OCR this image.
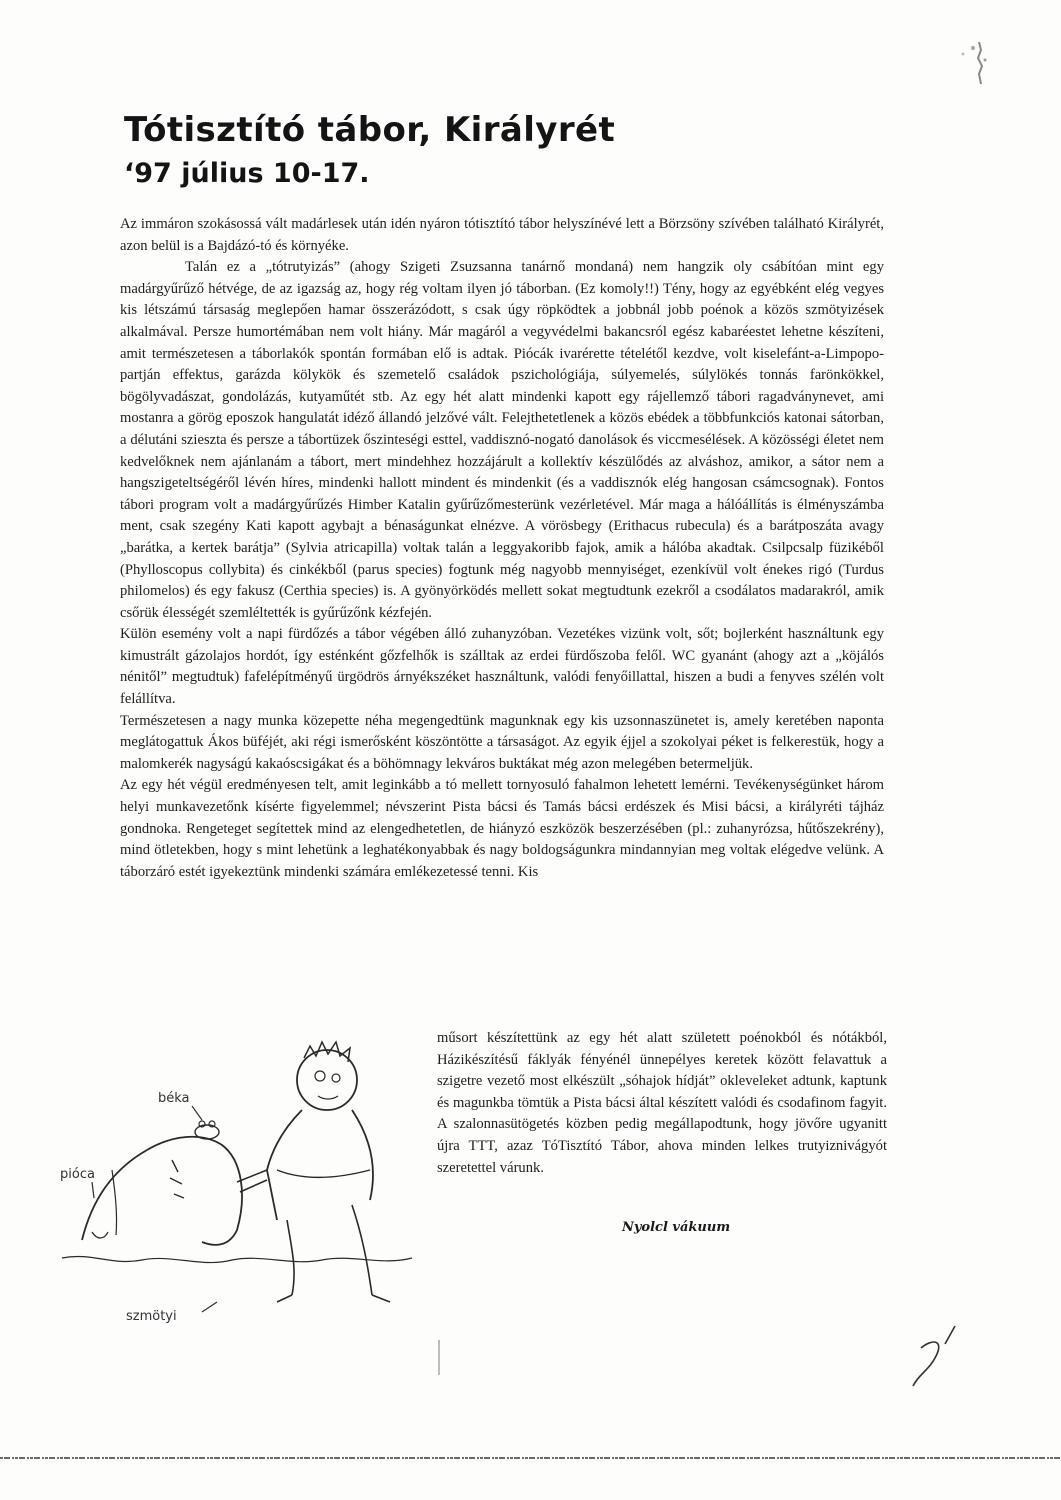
Tótisztító tábor, Királyrét
‘97 július 10-17.

Az immáron szokásossá vált madárlesek után idén nyáron tótisztító tábor helyszínévé lett a Börzsöny szívében található Királyrét, azon belül is a Bajdázó-tó és környéke.

Talán ez a „tótrutyizás” (ahogy Szigeti Zsuzsanna tanárnő mondaná) nem hangzik oly csábítóan mint egy madárgyűrűző hétvége, de az igazság az, hogy rég voltam ilyen jó táborban. (Ez komoly!!) Tény, hogy az egyébként elég vegyes kis létszámú társaság meglepően hamar összerázódott, s csak úgy röpködtek a jobbnál jobb poénok a közös szmötyizések alkalmával. Persze humortémában nem volt hiány. Már magáról a vegyvédelmi bakancsról egész kabaréestet lehetne készíteni, amit természetesen a táborlakók spontán formában elő is adtak. Piócák ivarérette tételétől kezdve, volt kiselefánt-a-Limpopo-partján effektus, garázda kölykök és szemetelő családok pszichológiája, súlyemelés, súlylökés tonnás farönkökkel, bögölyvadászat, gondolázás, kutyaműtét stb. Az egy hét alatt mindenki kapott egy rájellemző tábori ragadványnevet, ami mostanra a görög eposzok hangulatát idéző állandó jelzővé vált. Felejthetetlenek a közös ebédek a többfunkciós katonai sátorban, a délutáni sziesztа és persze a tábortüzek őszinteségi esttel, vaddisznó-nogató danolások és viccmesélések. A közösségi életet nem kedvelőknek nem ajánlanám a tábort, mert mindehhez hozzájárult a kollektív készülődés az alváshoz, amikor, a sátor nem a hangszigeteltségéről lévén híres, mindenki hallott mindent és mindenkit (és a vaddisznók elég hangosan csámcsognak). Fontos tábori program volt a madárgyűrűzés Himber Katalin gyűrűzőmesterünk vezérletével. Már maga a hálóállítás is élményszámba ment, csak szegény Kati kapott agybajt a bénaságunkat elnézve. A vörösbegy (Erithacus rubecula) és a barátposzáta avagy „barátka, a kertek barátja” (Sylvia atricapilla) voltak talán a leggyakoribb fajok, amik a hálóba akadtak. Csilpcsalp füzikéből (Phylloscopus collybita) és cinkékből (parus species) fogtunk még nagyobb mennyiséget, ezenkívül volt énekes rigó (Turdus philomelos) és egy fakusz (Certhia species) is. A gyönyörködés mellett sokat megtudtunk ezekről a csodálatos madarakról, amik csőrük élességét szemléltették is gyűrűzőnk kézfején.

Külön esemény volt a napi fürdőzés a tábor végében álló zuhanyzóban. Vezetékes vizünk volt, sőt; bojlerként használtunk egy kimustrált gázolajos hordót, így esténként gőzfelhők is szálltak az erdei fürdőszoba felől. WC gyanánt (ahogy azt a „köjálós nénitől” megtudtuk) fafelépítményű ürgödrös árnyékszéket használtunk, valódi fenyőillattal, hiszen a budi a fenyves szélén volt felállítva.

Természetesen a nagy munka közepette néha megengedtünk magunknak egy kis uzsonnaszünetet is, amely keretében naponta meglátogattuk Ákos büféjét, aki régi ismerősként köszöntötte a társaságot. Az egyik éjjel a szokolyai péket is felkerestük, hogy a malomkerék nagyságú kakaóscsigákat és a böhömnagy lekváros buktákat még azon melegében betermeljük.

Az egy hét végül eredményesen telt, amit leginkább a tó mellett tornyosuló fahalmon lehetett lemérni. Tevékenységünket három helyi munkavezetőnk kísérte figyelemmel; névszerint Pista bácsi és Tamás bácsi erdészek és Misi bácsi, a királyréti tájház gondnoka. Rengeteget segítettek mind az elengedhetetlen, de hiányzó eszközök beszerzésében (pl.: zuhanyrózsa, hűtőszekrény), mind ötletekben, hogy s mint lehetünk a leghatékonyabbak és nagy boldogságunkra mindannyian meg voltak elégedve velünk. A táborzáró estét igyekeztünk mindenki számára emlékezetessé tenni. Kis

műsort készítettünk az egy hét alatt született poénokból és nótákból, Házikészítésű fáklyák fényénél ünnepélyes keretek között felavattuk a szigetre vezető most elkészült „sóhajok hídját” okleveleket adtunk, kaptunk és magunkba tömtük a Pista bácsi által készített valódi és csodafinom fagyit. A szalonnasütögetés közben pedig megállapodtunk, hogy jövőre ugyanitt újra TTT, azaz TóTisztító Tábor, ahova minden lelkes trutyiznivágyót szeretettel várunk.

Nyolcl vákuum

béka
pióca
szmötyi
